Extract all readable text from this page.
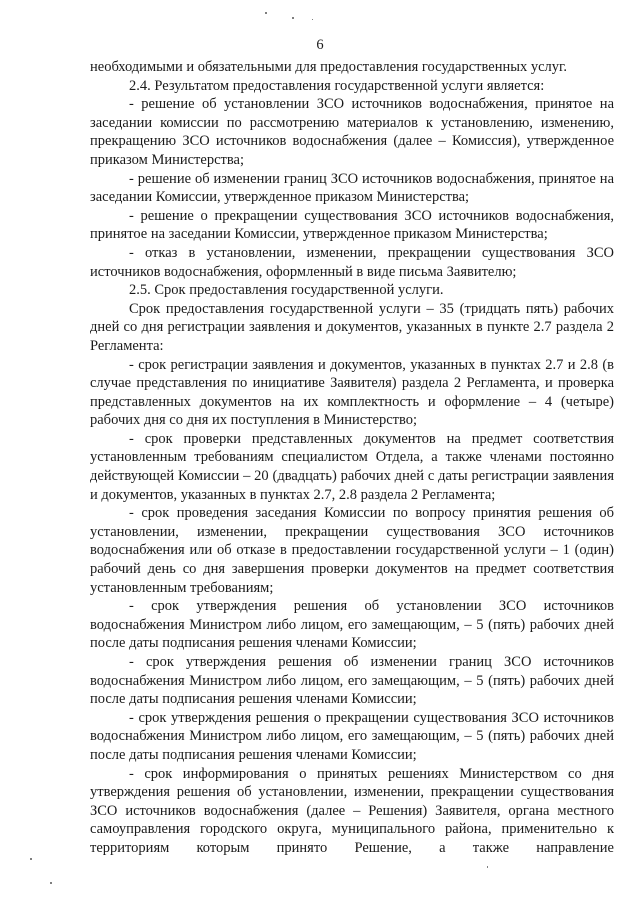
6

необходимыми и обязательными для предоставления государственных услуг.

2.4. Результатом предоставления государственной услуги является:

- решение об установлении ЗСО источников водоснабжения, принятое на заседании комиссии по рассмотрению материалов к установлению, изменению, прекращению ЗСО источников водоснабжения (далее – Комиссия), утвержденное приказом Министерства;

- решение об изменении границ ЗСО источников водоснабжения, принятое на заседании Комиссии, утвержденное приказом Министерства;

- решение о прекращении существования ЗСО источников водоснабжения, принятое на заседании Комиссии, утвержденное приказом Министерства;

- отказ в установлении, изменении, прекращении существования ЗСО источников водоснабжения, оформленный в виде письма Заявителю;

2.5. Срок предоставления государственной услуги.

Срок предоставления государственной услуги – 35 (тридцать пять) рабочих дней со дня регистрации заявления и документов, указанных в пункте 2.7 раздела 2 Регламента:

- срок регистрации заявления и документов, указанных в пунктах 2.7 и 2.8 (в случае представления по инициативе Заявителя) раздела 2 Регламента, и проверка представленных документов на их комплектность и оформление – 4 (четыре) рабочих дня со дня их поступления в Министерство;

- срок проверки представленных документов на предмет соответствия установленным требованиям специалистом Отдела, а также членами постоянно действующей Комиссии – 20 (двадцать) рабочих дней с даты регистрации заявления и документов, указанных в пунктах 2.7, 2.8 раздела 2 Регламента;

- срок проведения заседания Комиссии по вопросу принятия решения об установлении, изменении, прекращении существования ЗСО источников водоснабжения или об отказе в предоставлении государственной услуги – 1 (один) рабочий день со дня завершения проверки документов на предмет соответствия установленным требованиям;

- срок утверждения решения об установлении ЗСО источников водоснабжения Министром либо лицом, его замещающим, – 5 (пять) рабочих дней после даты подписания решения членами Комиссии;

- срок утверждения решения об изменении границ ЗСО источников водоснабжения Министром либо лицом, его замещающим, – 5 (пять) рабочих дней после даты подписания решения членами Комиссии;

- срок утверждения решения о прекращении существования ЗСО источников водоснабжения Министром либо лицом, его замещающим, – 5 (пять) рабочих дней после даты подписания решения членами Комиссии;

- срок информирования о принятых решениях Министерством со дня утверждения решения об установлении, изменении, прекращении существования ЗСО источников водоснабжения (далее – Решения) Заявителя, органа местного самоуправления городского округа, муниципального района, применительно к территориям которым принято Решение, а также направление
